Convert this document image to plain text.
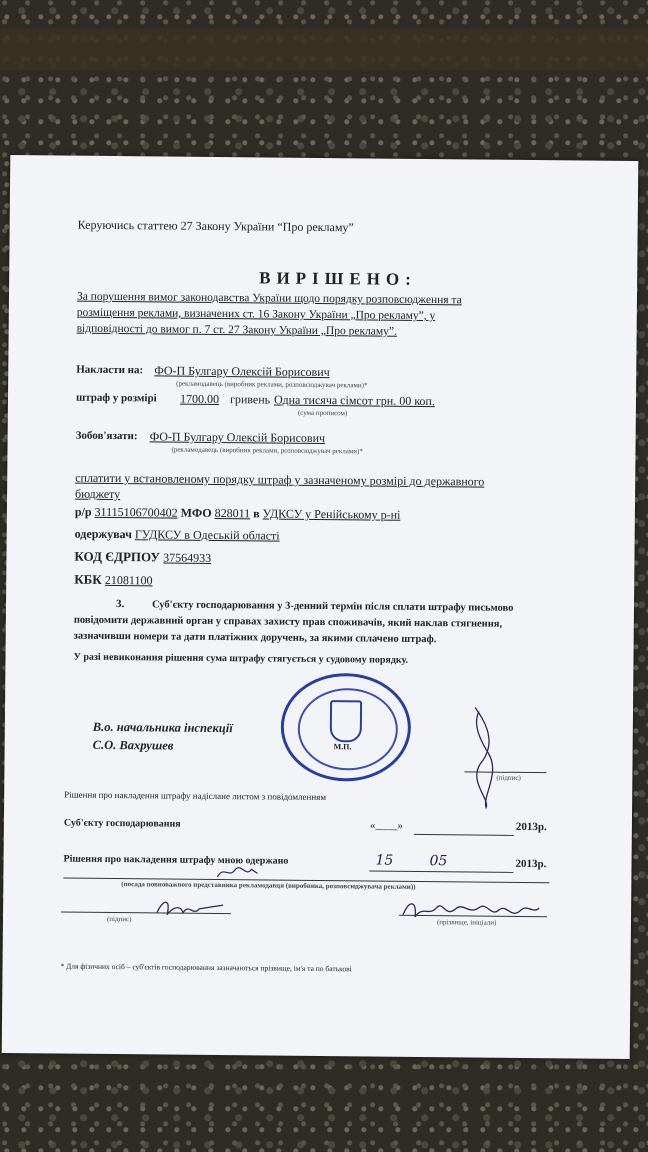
Керуючись статтею 27 Закону України “Про рекламу”
ВИРІШЕНО:
За порушення вимог законодавства України щодо порядку розповсюдження та
розміщення реклами, визначених ст. 16 Закону України „Про рекламу”, у
відповідності до вимог п. 7 ст. 27 Закону України „Про рекламу”.
Накласти на: ФО-П Булгару Олексій Борисович
(рекламодавець (виробник реклами, розповсюджувач реклами)*
штраф у розмірі 1700.00 гривень Одна тисяча сімсот грн. 00 коп.
(сума прописом)
Зобов'язати: ФО-П Булгару Олексій Борисович
(рекламодавець (виробник реклами, розповсюджувач реклами)*
сплатити у встановленому порядку штраф у зазначеному розмірі до державного
бюджету
р/р 31115106700402 МФО 828011 в УДКСУ у Ренійському р-ні
одержувач ГУДКСУ в Одеській області
КОД ЄДРПОУ 37564933
КБК 21081100
3.	Суб'єкту господарювання у 3-денний термін після сплати штрафу письмово
повідомити державний орган у справах захисту прав споживачів, який наклав стягнення,
зазначивши номери та дати платіжних доручень, за якими сплачено штраф.
У разі невиконання рішення сума штрафу стягується у судовому порядку.
В.о. начальника інспекції
С.О. Вахрушев	М.П.
(підпис)
Рішення про накладення штрафу надіслане листом з повідомленням
Суб'єкту господарювання	«____»	2013р.
Рішення про накладення штрафу мною одержано	15	05	2013р.
(посада повноважного представника рекламодавця (виробника, розповсюджувача реклами))
(підпис)	(прізвище, ініціали)
* Для фізичних осіб – суб'єктів господарювання зазначаються прізвище, ім'я та по батькові
